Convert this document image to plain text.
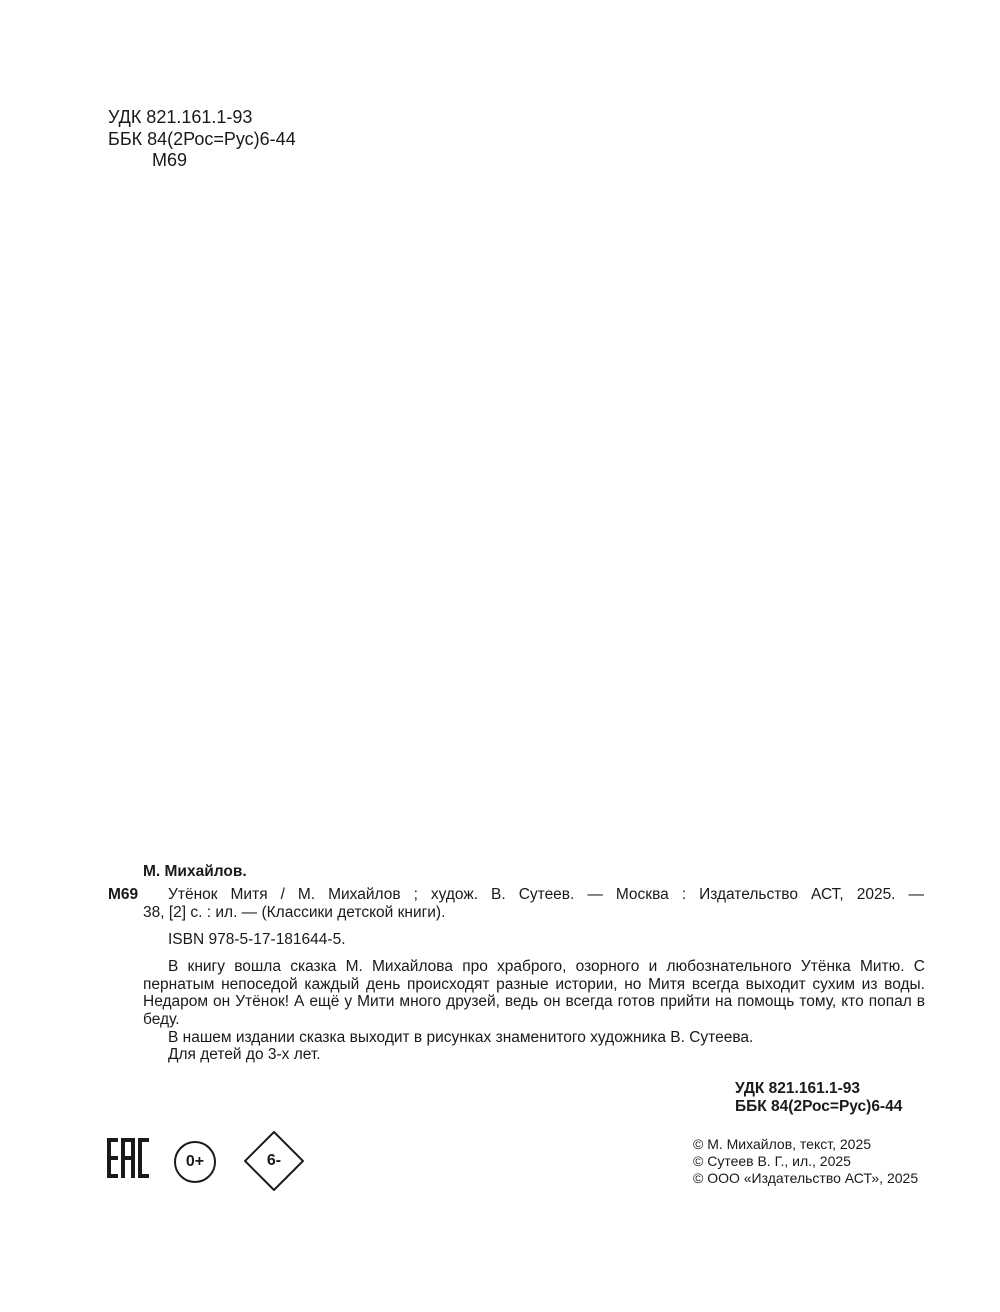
УДК 821.161.1-93
ББК 84(2Рос=Рус)6-44
М69
М. Михайлов.
М69 Утёнок Митя / М. Михайлов ; худож. В. Сутеев. — Москва : Издательство АСТ, 2025. —
38, [2] с. : ил. — (Классики детской книги).
ISBN 978-5-17-181644-5.
В книгу вошла сказка М. Михайлова про храброго, озорного и любознательного Утёнка Митю. С пернатым непоседой каждый день происходят разные истории, но Митя всегда выходит сухим из воды. Недаром он Утёнок! А ещё у Мити много друзей, ведь он всегда готов прийти на помощь тому, кто попал в беду.
В нашем издании сказка выходит в рисунках знаменитого художника В. Сутеева.
Для детей до 3-х лет.
УДК 821.161.1-93
ББК 84(2Рос=Рус)6-44
0+	6-
© М. Михайлов, текст, 2025
© Сутеев В. Г., ил., 2025
© ООО «Издательство АСТ», 2025
